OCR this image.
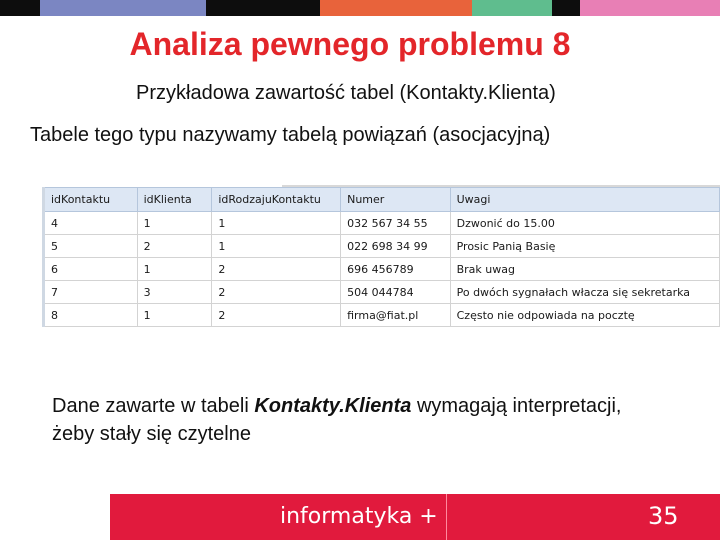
Analiza pewnego problemu 8
Przykładowa zawartość tabel (Kontakty.Klienta)
Tabele tego typu nazywamy tabelą powiązań (asocjacyjną)
idKontaktu	idKlienta	idRodzajuKontaktu	Numer	Uwagi
4	1	1	032 567 34 55	Dzwonić do 15.00
5	2	1	022 698 34 99	Prosic Panią Basię
6	1	2	696 456789	Brak uwag
7	3	2	504 044784	Po dwóch sygnałach włacza się sekretarka
8	1	2	firma@fiat.pl	Często nie odpowiada na pocztę
Dane zawarte w tabeli Kontakty.Klienta wymagają interpretacji, żeby stały się czytelne
informatyka +	35
